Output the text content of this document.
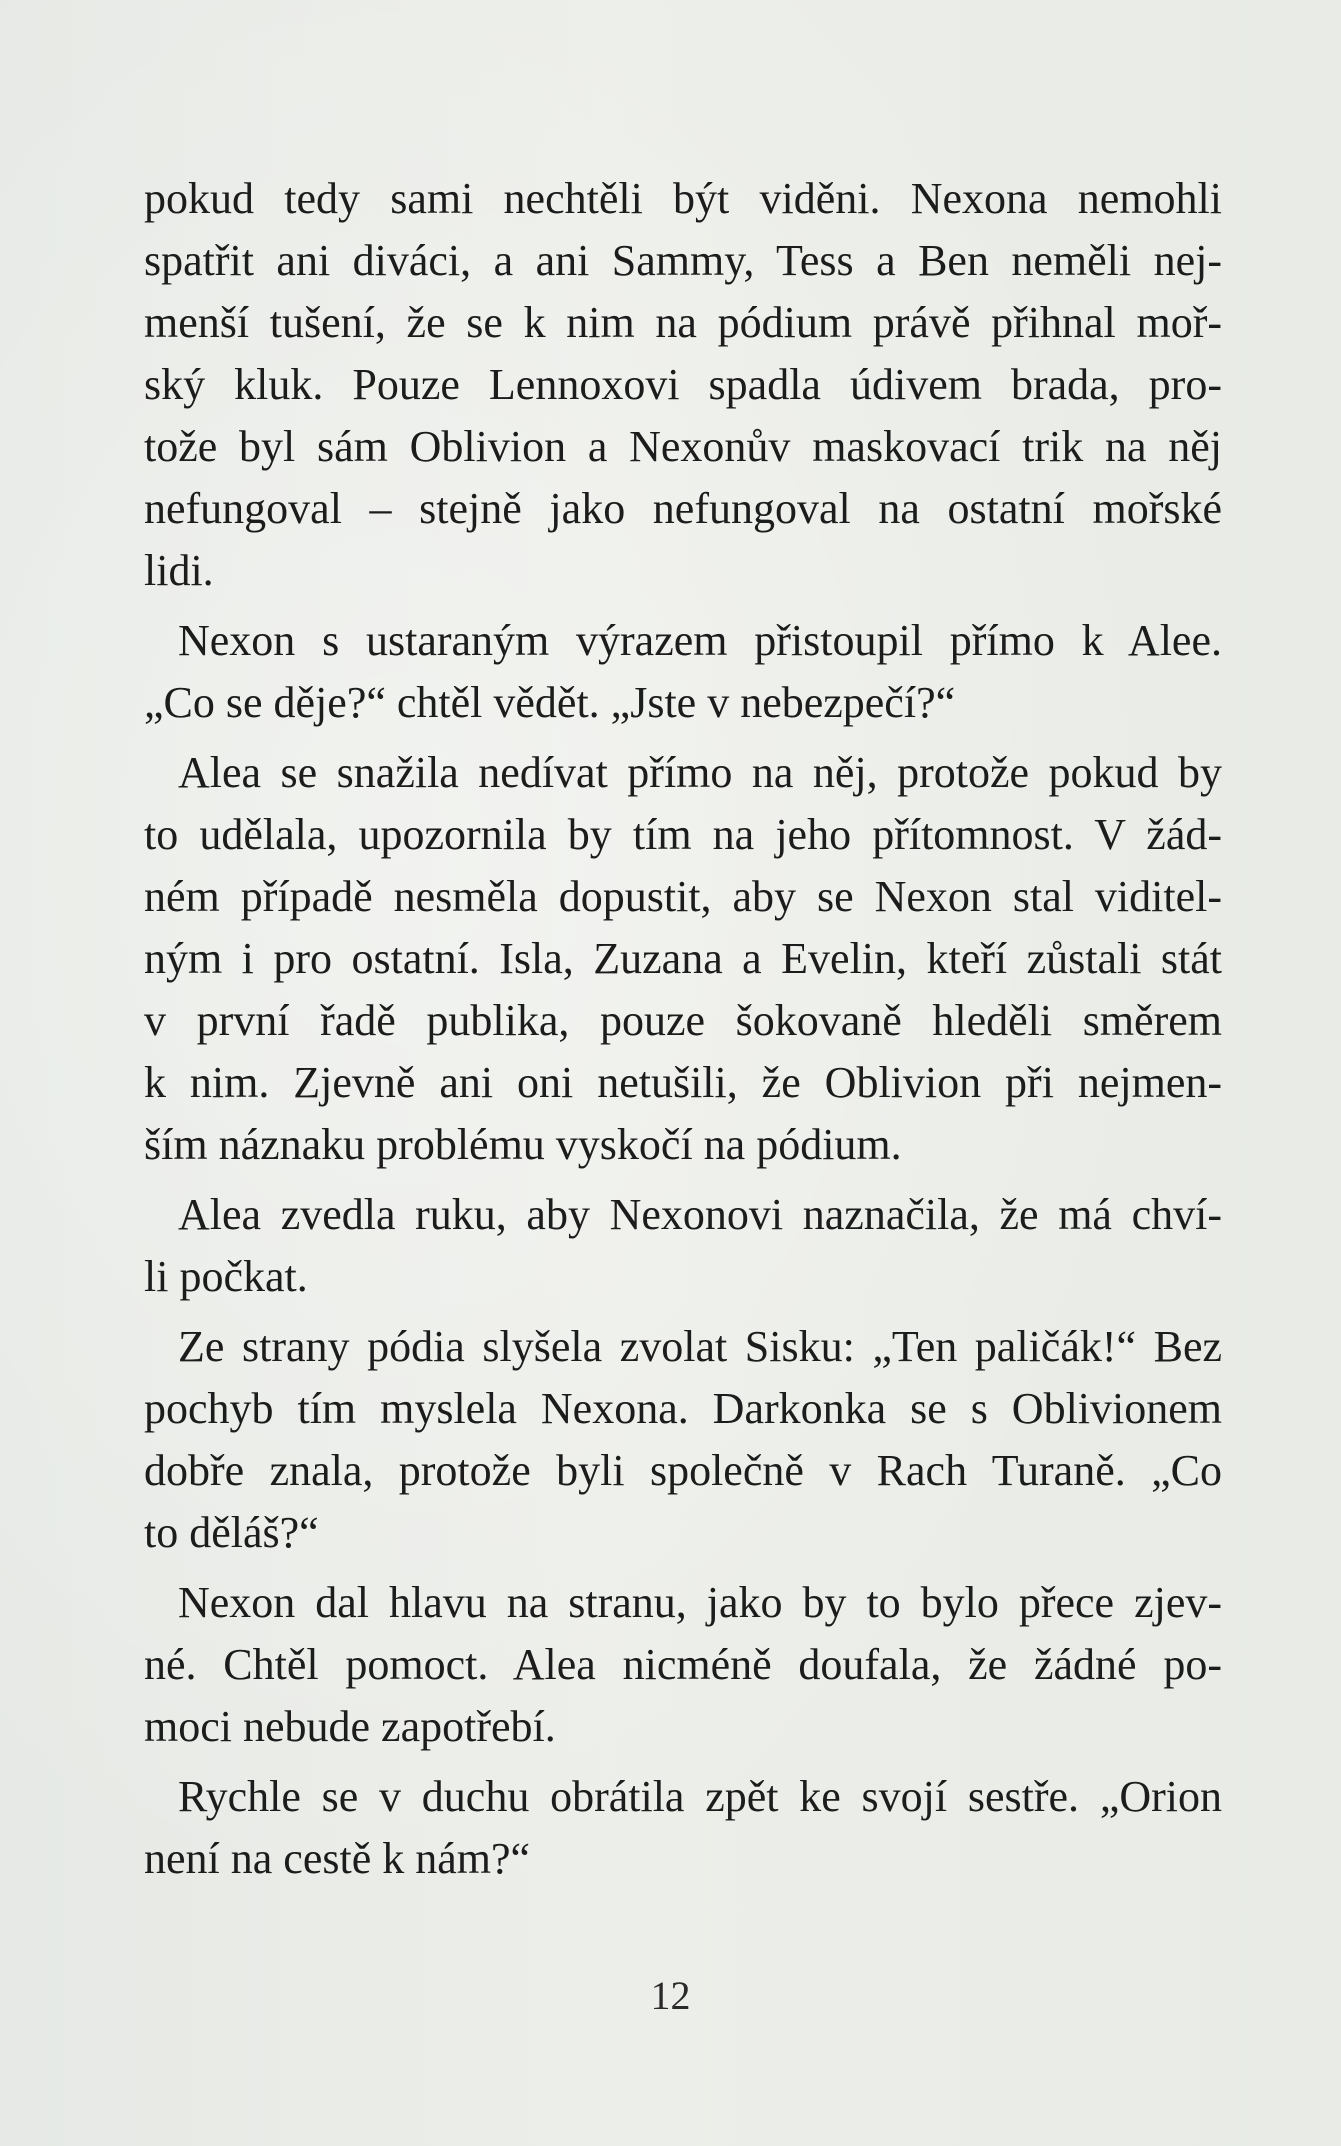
pokud tedy sami nechtěli být viděni. Nexona nemohli
spatřit ani diváci, a ani Sammy, Tess a Ben neměli nej-
menší tušení, že se k nim na pódium právě přihnal moř-
ský kluk. Pouze Lennoxovi spadla údivem brada, pro-
tože byl sám Oblivion a Nexonův maskovací trik na něj
nefungoval – stejně jako nefungoval na ostatní mořské
lidi.
Nexon s ustaraným výrazem přistoupil přímo k Alee.
„Co se děje?“ chtěl vědět. „Jste v nebezpečí?“
Alea se snažila nedívat přímo na něj, protože pokud by
to udělala, upozornila by tím na jeho přítomnost. V žád-
ném případě nesměla dopustit, aby se Nexon stal viditel-
ným i pro ostatní. Isla, Zuzana a Evelin, kteří zůstali stát
v první řadě publika, pouze šokovaně hleděli směrem
k nim. Zjevně ani oni netušili, že Oblivion při nejmen-
ším náznaku problému vyskočí na pódium.
Alea zvedla ruku, aby Nexonovi naznačila, že má chví-
li počkat.
Ze strany pódia slyšela zvolat Sisku: „Ten paličák!“ Bez
pochyb tím myslela Nexona. Darkonka se s Oblivionem
dobře znala, protože byli společně v Rach Turaně. „Co
to děláš?“
Nexon dal hlavu na stranu, jako by to bylo přece zjev-
né. Chtěl pomoct. Alea nicméně doufala, že žádné po-
moci nebude zapotřebí.
Rychle se v duchu obrátila zpět ke svojí sestře. „Orion
není na cestě k nám?“
12
